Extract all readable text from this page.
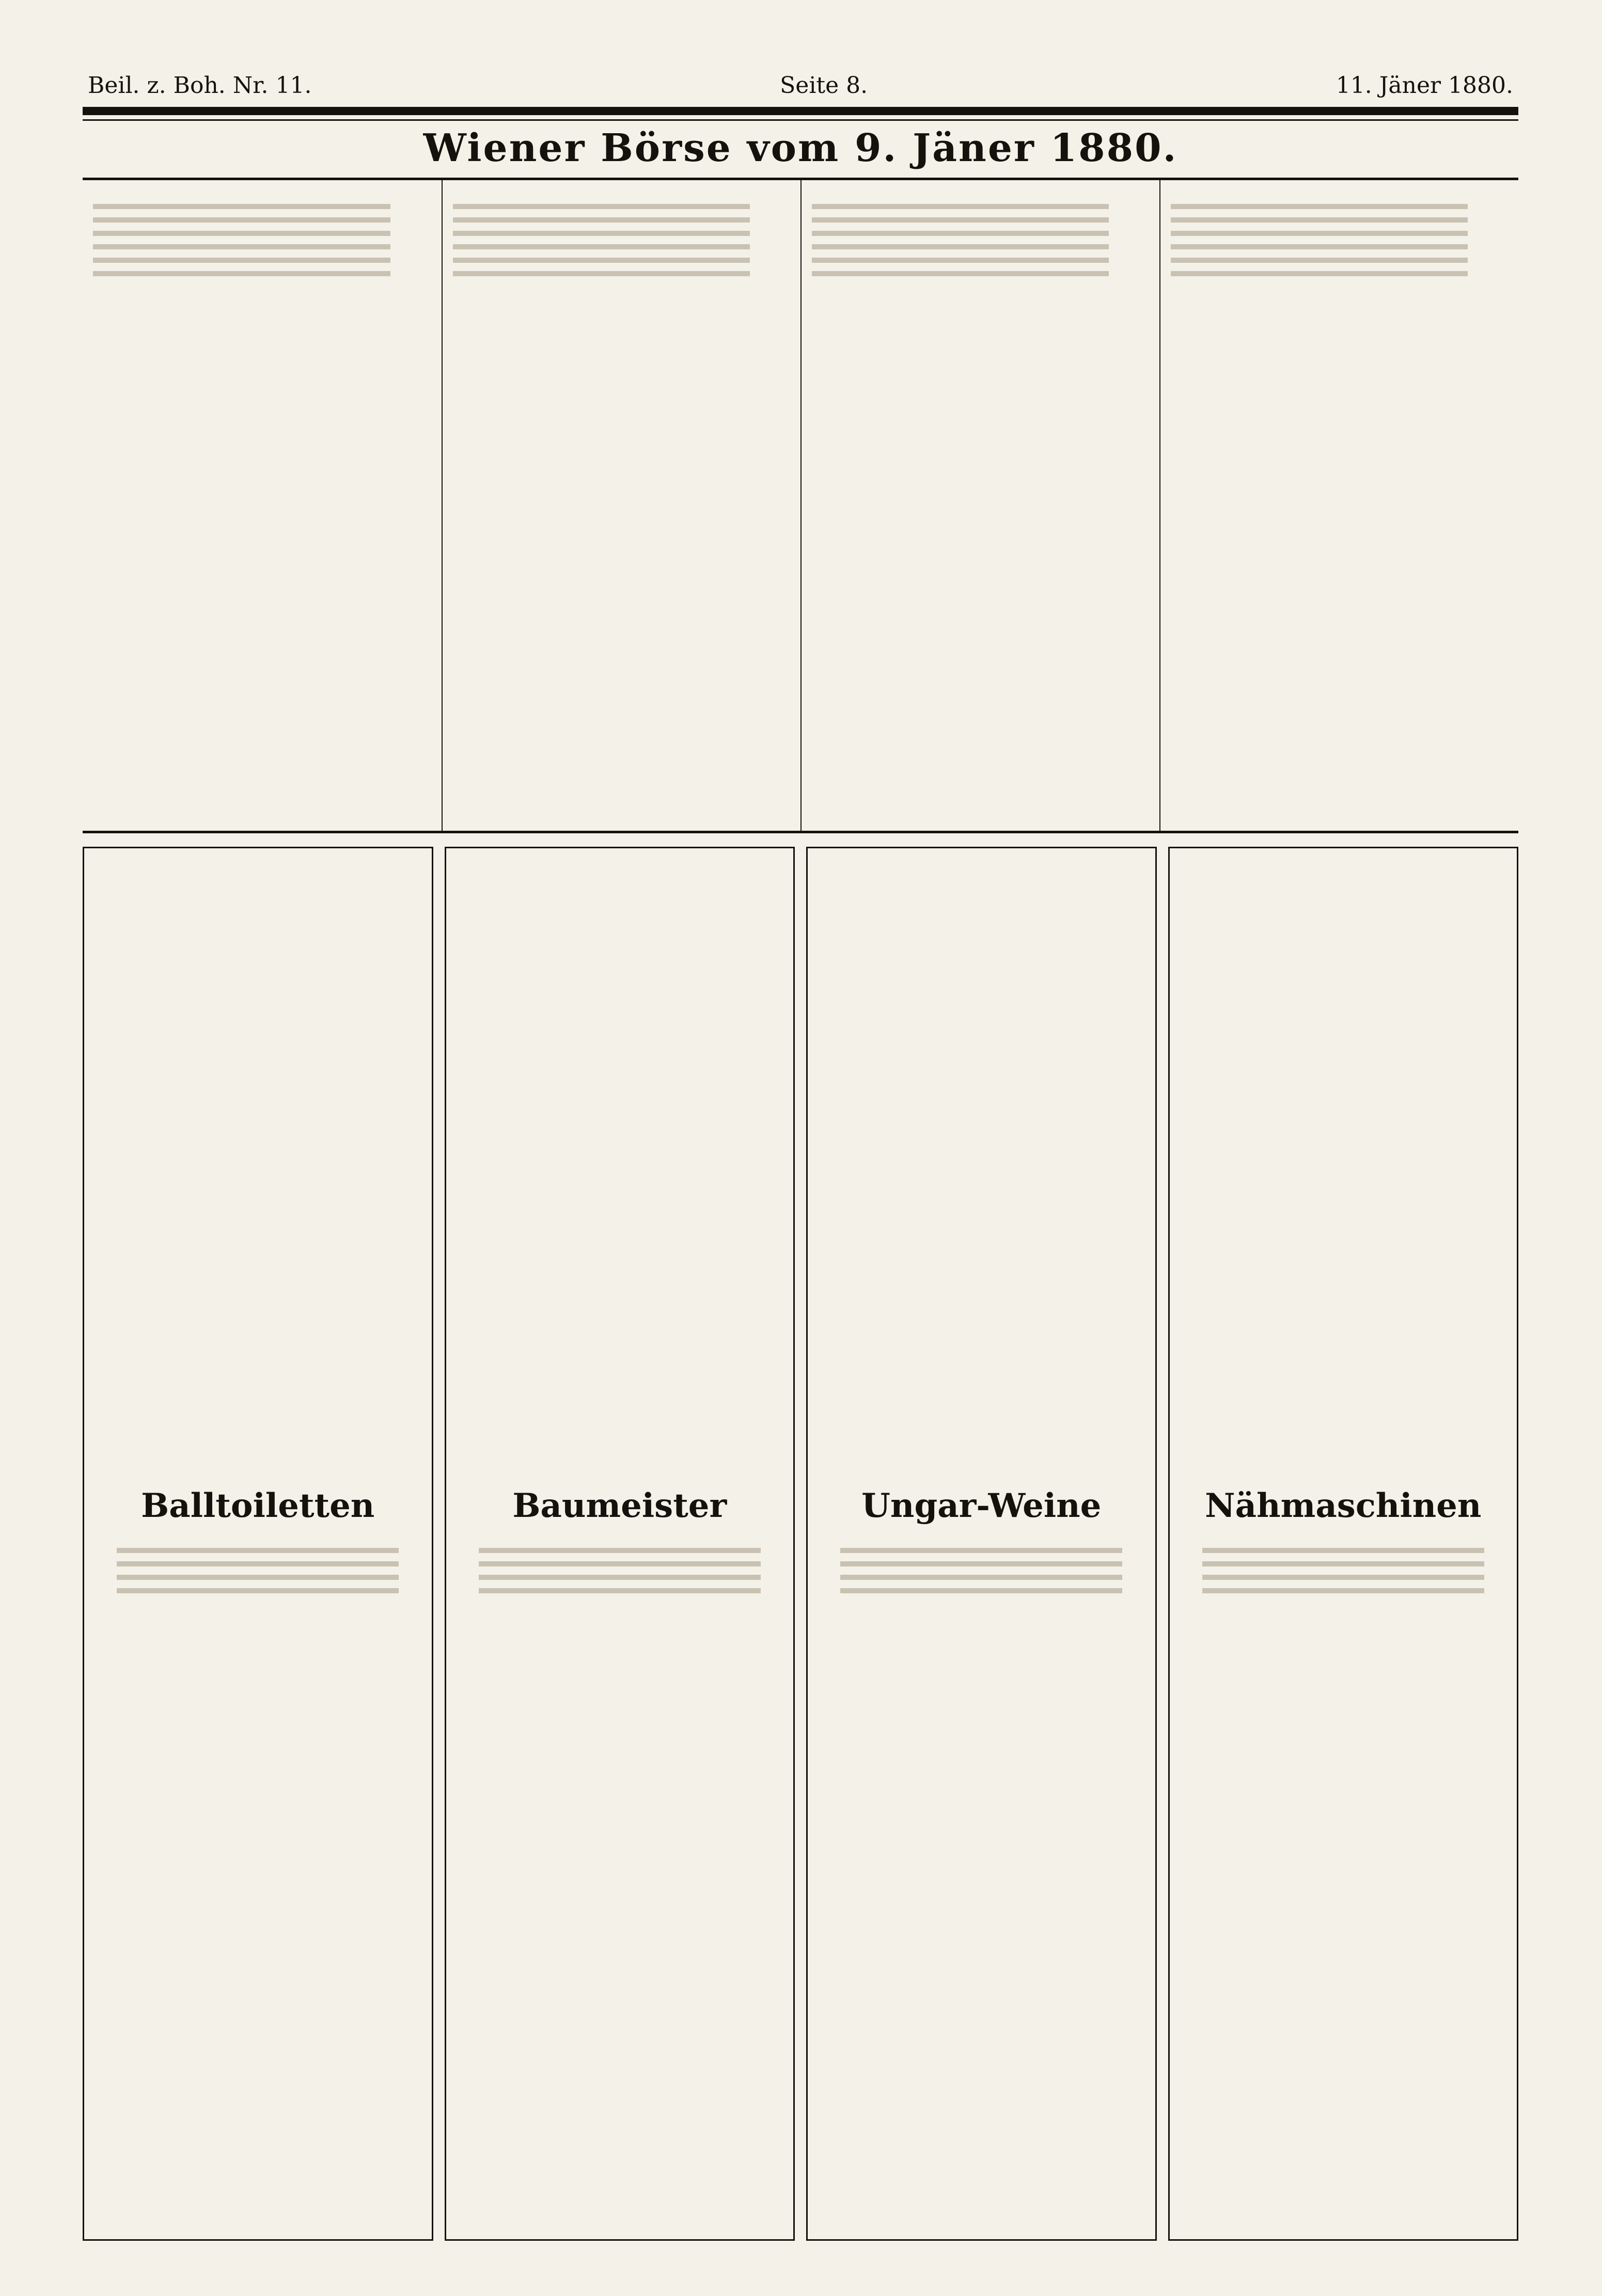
Beil. z. Boh. Nr. 11.	Seite 8.	11. Jäner 1880.
Wiener Börse vom 9. Jäner 1880.
Balltoiletten	Baumeister	Ungar-Weine	Nähmaschinen
